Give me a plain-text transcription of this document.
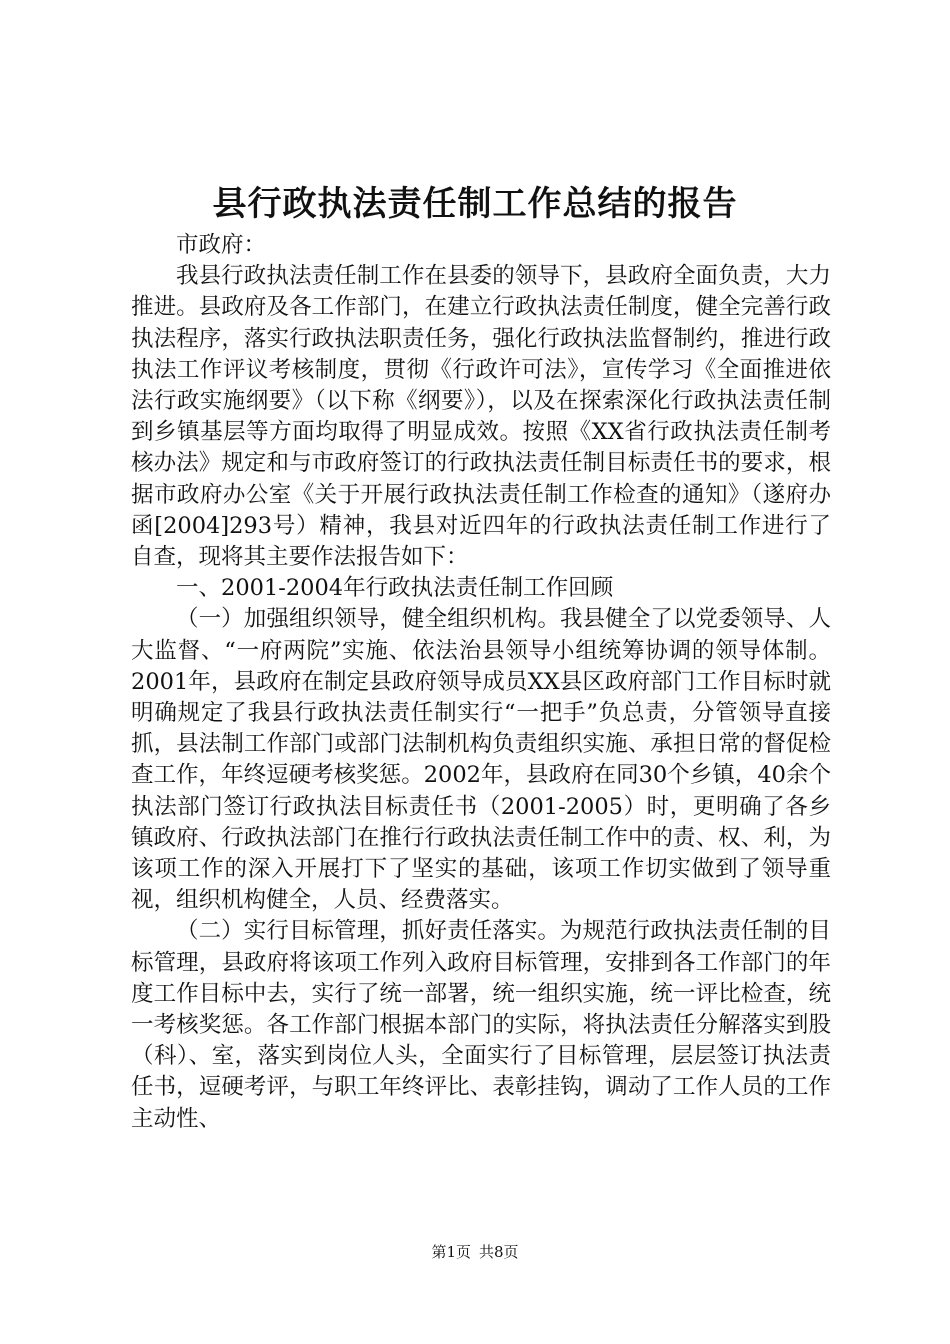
县行政执法责任制工作总结的报告

市政府：

我县行政执法责任制工作在县委的领导下，县政府全面负责，大力推进。县政府及各工作部门，在建立行政执法责任制度，健全完善行政执法程序，落实行政执法职责任务，强化行政执法监督制约，推进行政执法工作评议考核制度，贯彻《行政许可法》，宣传学习《全面推进依法行政实施纲要》（以下称《纲要》），以及在探索深化行政执法责任制到乡镇基层等方面均取得了明显成效。按照《XX省行政执法责任制考核办法》规定和与市政府签订的行政执法责任制目标责任书的要求，根据市政府办公室《关于开展行政执法责任制工作检查的通知》（遂府办函[2004]293号）精神，我县对近四年的行政执法责任制工作进行了自查，现将其主要作法报告如下：

一、2001-2004年行政执法责任制工作回顾

（一）加强组织领导，健全组织机构。我县健全了以党委领导、人大监督、“一府两院”实施、依法治县领导小组统筹协调的领导体制。2001年，县政府在制定县政府领导成员XX县区政府部门工作目标时就明确规定了我县行政执法责任制实行“一把手”负总责，分管领导直接抓，县法制工作部门或部门法制机构负责组织实施、承担日常的督促检查工作，年终逗硬考核奖惩。2002年，县政府在同30个乡镇，40余个执法部门签订行政执法目标责任书（2001-2005）时，更明确了各乡镇政府、行政执法部门在推行行政执法责任制工作中的责、权、利，为该项工作的深入开展打下了坚实的基础，该项工作切实做到了领导重视，组织机构健全，人员、经费落实。

（二）实行目标管理，抓好责任落实。为规范行政执法责任制的目标管理，县政府将该项工作列入政府目标管理，安排到各工作部门的年度工作目标中去，实行了统一部署，统一组织实施，统一评比检查，统一考核奖惩。各工作部门根据本部门的实际，将执法责任分解落实到股（科）、室，落实到岗位人头，全面实行了目标管理，层层签订执法责任书，逗硬考评，与职工年终评比、表彰挂钩，调动了工作人员的工作主动性、

第1页 共8页
